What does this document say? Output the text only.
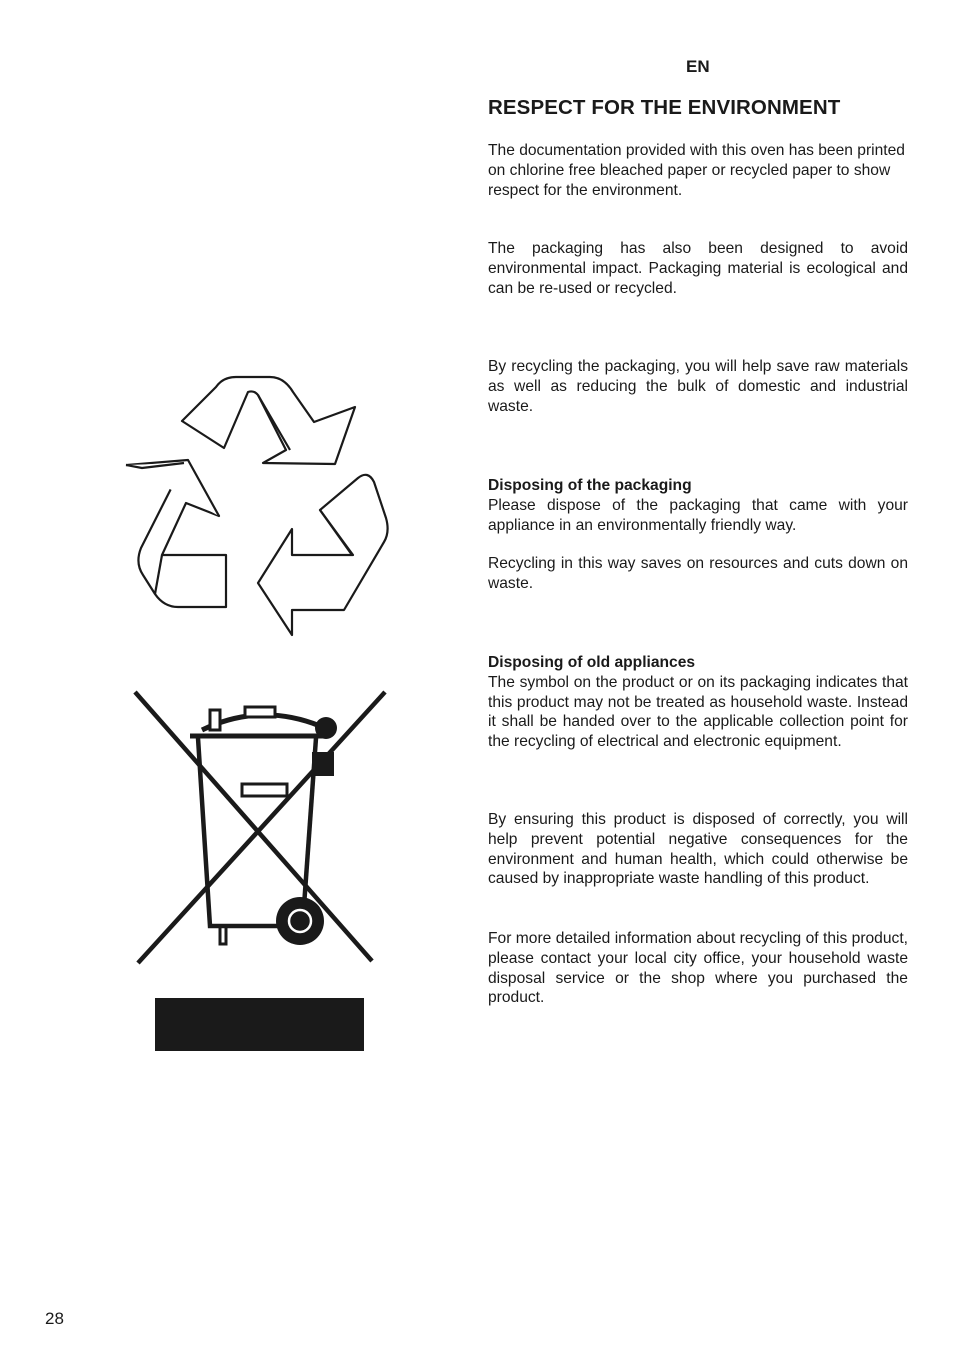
EN
RESPECT FOR THE ENVIRONMENT

The documentation provided with this oven has been printed on chlorine free bleached paper or recycled paper to show respect for the environment.

The packaging has also been designed to avoid environmental impact. Packaging material is ecological and can be re-used or recycled.

By recycling the packaging, you will help save raw materials as well as reducing the bulk of domestic and industrial waste.

Disposing of the packaging
Please dispose of the packaging that came with your appliance in an environmentally friendly way.

Recycling in this way saves on resources and cuts down on waste.

Disposing of old appliances
The symbol on the product or on its packaging indicates that this product may not be treated as household waste. Instead it shall be handed over to the applicable collection point for the recycling of electrical and electronic equipment.

By ensuring this product is disposed of correctly, you will help prevent potential negative consequences for the environment and human health, which could otherwise be caused by inappropriate waste handling of this product.

For more detailed information about recycling of this product, please contact your local city office, your household waste disposal service or the shop where you purchased the product.

28
